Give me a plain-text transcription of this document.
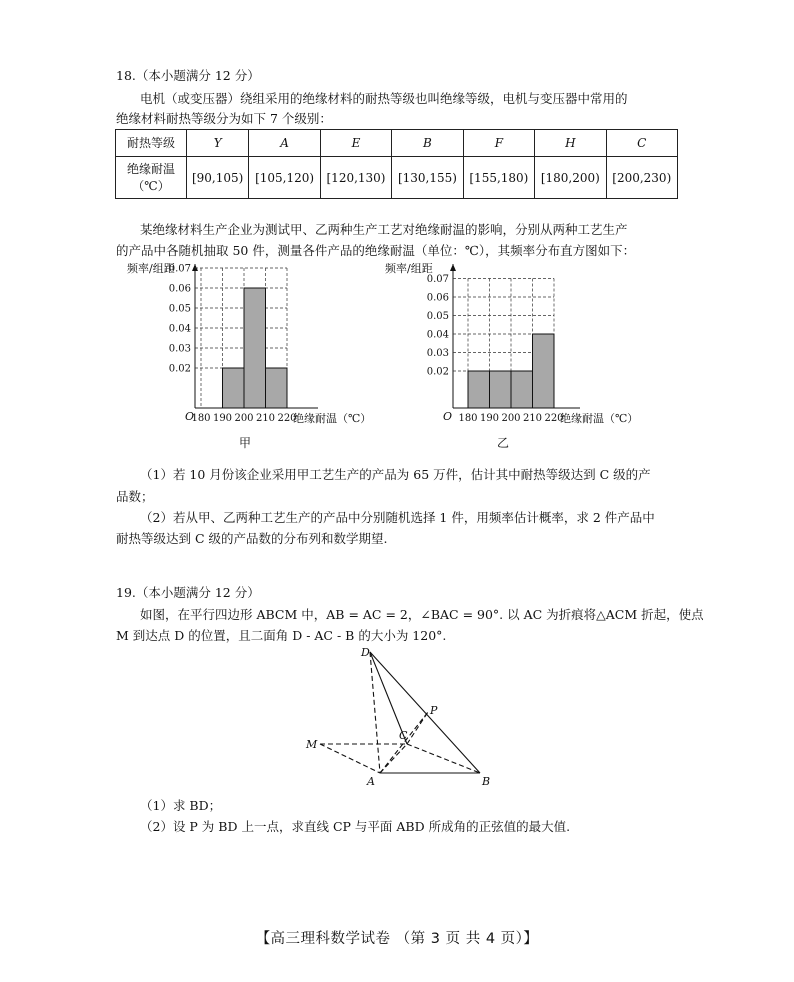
18.（本小题满分 12 分）
电机（或变压器）绕组采用的绝缘材料的耐热等级也叫绝缘等级，电机与变压器中常用的
绝缘材料耐热等级分为如下 7 个级别：
耐热等级	Y	A	E	B	F	H	C

绝缘耐温
（℃）	[90,105)	[105,120)	[120,130)	[130,155)	[155,180)	[180,200)	[200,230)
某绝缘材料生产企业为测试甲、乙两种生产工艺对绝缘耐温的影响，分别从两种工艺生产
的产品中各随机抽取 50 件，测量各件产品的绝缘耐温（单位：℃），其频率分布直方图如下：
0.02
0.03
0.04
0.05
0.06
0.07
180 190 200 210 220
频率/组距
O	绝缘耐温（℃）
甲
0.02
0.03
0.04
0.05
0.06
0.07
180 190 200 210 220
频率/组距
O	绝缘耐温（℃）
乙
（1）若 10 月份该企业采用甲工艺生产的产品为 65 万件，估计其中耐热等级达到 C 级的产
品数；
（2）若从甲、乙两种工艺生产的产品中分别随机选择 1 件，用频率估计概率，求 2 件产品中
耐热等级达到 C 级的产品数的分布列和数学期望.
19.（本小题满分 12 分）
如图，在平行四边形 ABCM 中，AB = AC = 2，∠BAC = 90°. 以 AC 为折痕将△ACM 折起，使点
M 到达点 D 的位置，且二面角 D - AC - B 的大小为 120°.
D
P
M
C
A	B
（1）求 BD；
（2）设 P 为 BD 上一点，求直线 CP 与平面 ABD 所成角的正弦值的最大值.
【高三理科数学试卷 （第 3 页 共 4 页）】
